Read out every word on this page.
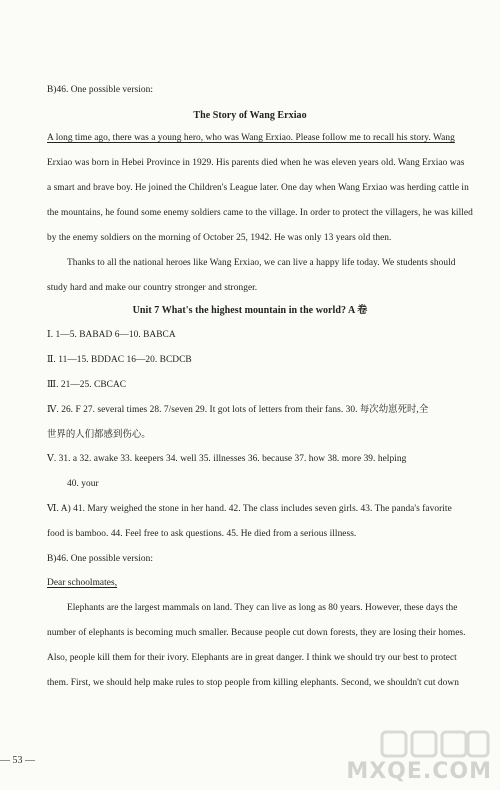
B)46. One possible version:
The Story of Wang Erxiao
A long time ago, there was a young hero, who was Wang Erxiao. Please follow me to recall his story. Wang
Erxiao was born in Hebei Province in 1929. His parents died when he was eleven years old. Wang Erxiao was
a smart and brave boy. He joined the Children's League later. One day when Wang Erxiao was herding cattle in
the mountains, he found some enemy soldiers came to the village. In order to protect the villagers, he was killed
by the enemy soldiers on the morning of October 25, 1942. He was only 13 years old then.
Thanks to all the national heroes like Wang Erxiao, we can live a happy life today. We students should
study hard and make our country stronger and stronger.
Unit 7 What's the highest mountain in the world? A 卷
Ⅰ. 1—5. BABAD 6—10. BABCA
Ⅱ. 11—15. BDDAC 16—20. BCDCB
Ⅲ. 21—25. CBCAC
Ⅳ. 26. F 27. several times 28. 7/seven 29. It got lots of letters from their fans. 30. 每次幼崽死时,全
世界的人们都感到伤心。
Ⅴ. 31. a 32. awake 33. keepers 34. well 35. illnesses 36. because 37. how 38. more 39. helping
40. your
Ⅵ. A) 41. Mary weighed the stone in her hand. 42. The class includes seven girls. 43. The panda's favorite
food is bamboo. 44. Feel free to ask questions. 45. He died from a serious illness.
B)46. One possible version:
Dear schoolmates,
Elephants are the largest mammals on land. They can live as long as 80 years. However, these days the
number of elephants is becoming much smaller. Because people cut down forests, they are losing their homes.
Also, people kill them for their ivory. Elephants are in great danger. I think we should try our best to protect
them. First, we should help make rules to stop people from killing elephants. Second, we shouldn't cut down
— 53 —	MXQE.COM
